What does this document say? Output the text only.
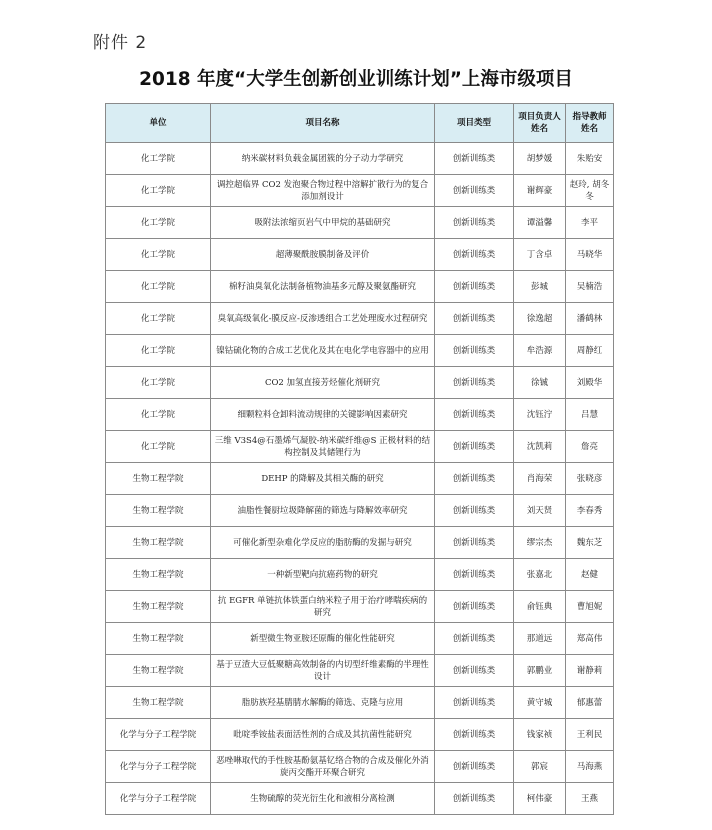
附件 2
2018 年度“大学生创新创业训练计划”上海市级项目
单位	项目名称	项目类型	项目负责人姓名	指导教师姓名
化工学院	纳米碳材料负载金属团簇的分子动力学研究	创新训练类	胡梦媛	朱贻安
化工学院	调控超临界 CO2 发泡聚合物过程中溶解扩散行为的复合添加剂设计	创新训练类	谢辉豪	赵玲, 胡冬冬
化工学院	吸附法浓缩页岩气中甲烷的基础研究	创新训练类	谭溢馨	李平
化工学院	超薄聚酰胺膜制备及评价	创新训练类	丁含卓	马晓华
化工学院	棉籽油臭氧化法制备植物油基多元醇及聚氨酯研究	创新训练类	彭城	吴楠浩
化工学院	臭氧高级氧化-膜反应-反渗透组合工艺处理废水过程研究	创新训练类	徐逸超	潘鹤林
化工学院	镍钴硫化物的合成工艺优化及其在电化学电容器中的应用	创新训练类	牟浩源	周静红
化工学院	CO2 加氢直接芳烃催化剂研究	创新训练类	徐铖	刘殿华
化工学院	细颗粒料仓卸料流动规律的关键影响因素研究	创新训练类	沈钰泞	吕慧
化工学院	三维 V3S4@石墨烯气凝胶-纳米碳纤维@S 正极材料的结构控制及其储锂行为	创新训练类	沈凯莉	詹亮
生物工程学院	DEHP 的降解及其相关酶的研究	创新训练类	肖海荣	张晓彦
生物工程学院	油脂性餐厨垃圾降解菌的筛选与降解效率研究	创新训练类	刘天贤	李春秀
生物工程学院	可催化新型杂难化学反应的脂肪酶的发掘与研究	创新训练类	缪宗杰	魏东芝
生物工程学院	一种新型靶向抗癌药物的研究	创新训练类	张嘉北	赵健
生物工程学院	抗 EGFR 单链抗体铁蛋白纳米粒子用于治疗哮喘疾病的研究	创新训练类	俞钰典	曹旭妮
生物工程学院	新型微生物亚胺还原酶的催化性能研究	创新训练类	那道远	郑高伟
生物工程学院	基于豆渣大豆低聚糖高效制备的内切型纤维素酶的半理性设计	创新训练类	郭鹏业	谢静莉
生物工程学院	脂肪族羟基腈腈水解酶的筛选、克隆与应用	创新训练类	黄守城	郁惠蕾
化学与分子工程学院	吡啶季铵盐表面活性剂的合成及其抗菌性能研究	创新训练类	钱家祯	王利民
化学与分子工程学院	恶唑啉取代的手性胺基酚氨基钇络合物的合成及催化外消旋丙交酯开环聚合研究	创新训练类	郭宸	马海燕
化学与分子工程学院	生物硫醇的荧光衍生化和液相分离检测	创新训练类	柯伟豪	王燕
